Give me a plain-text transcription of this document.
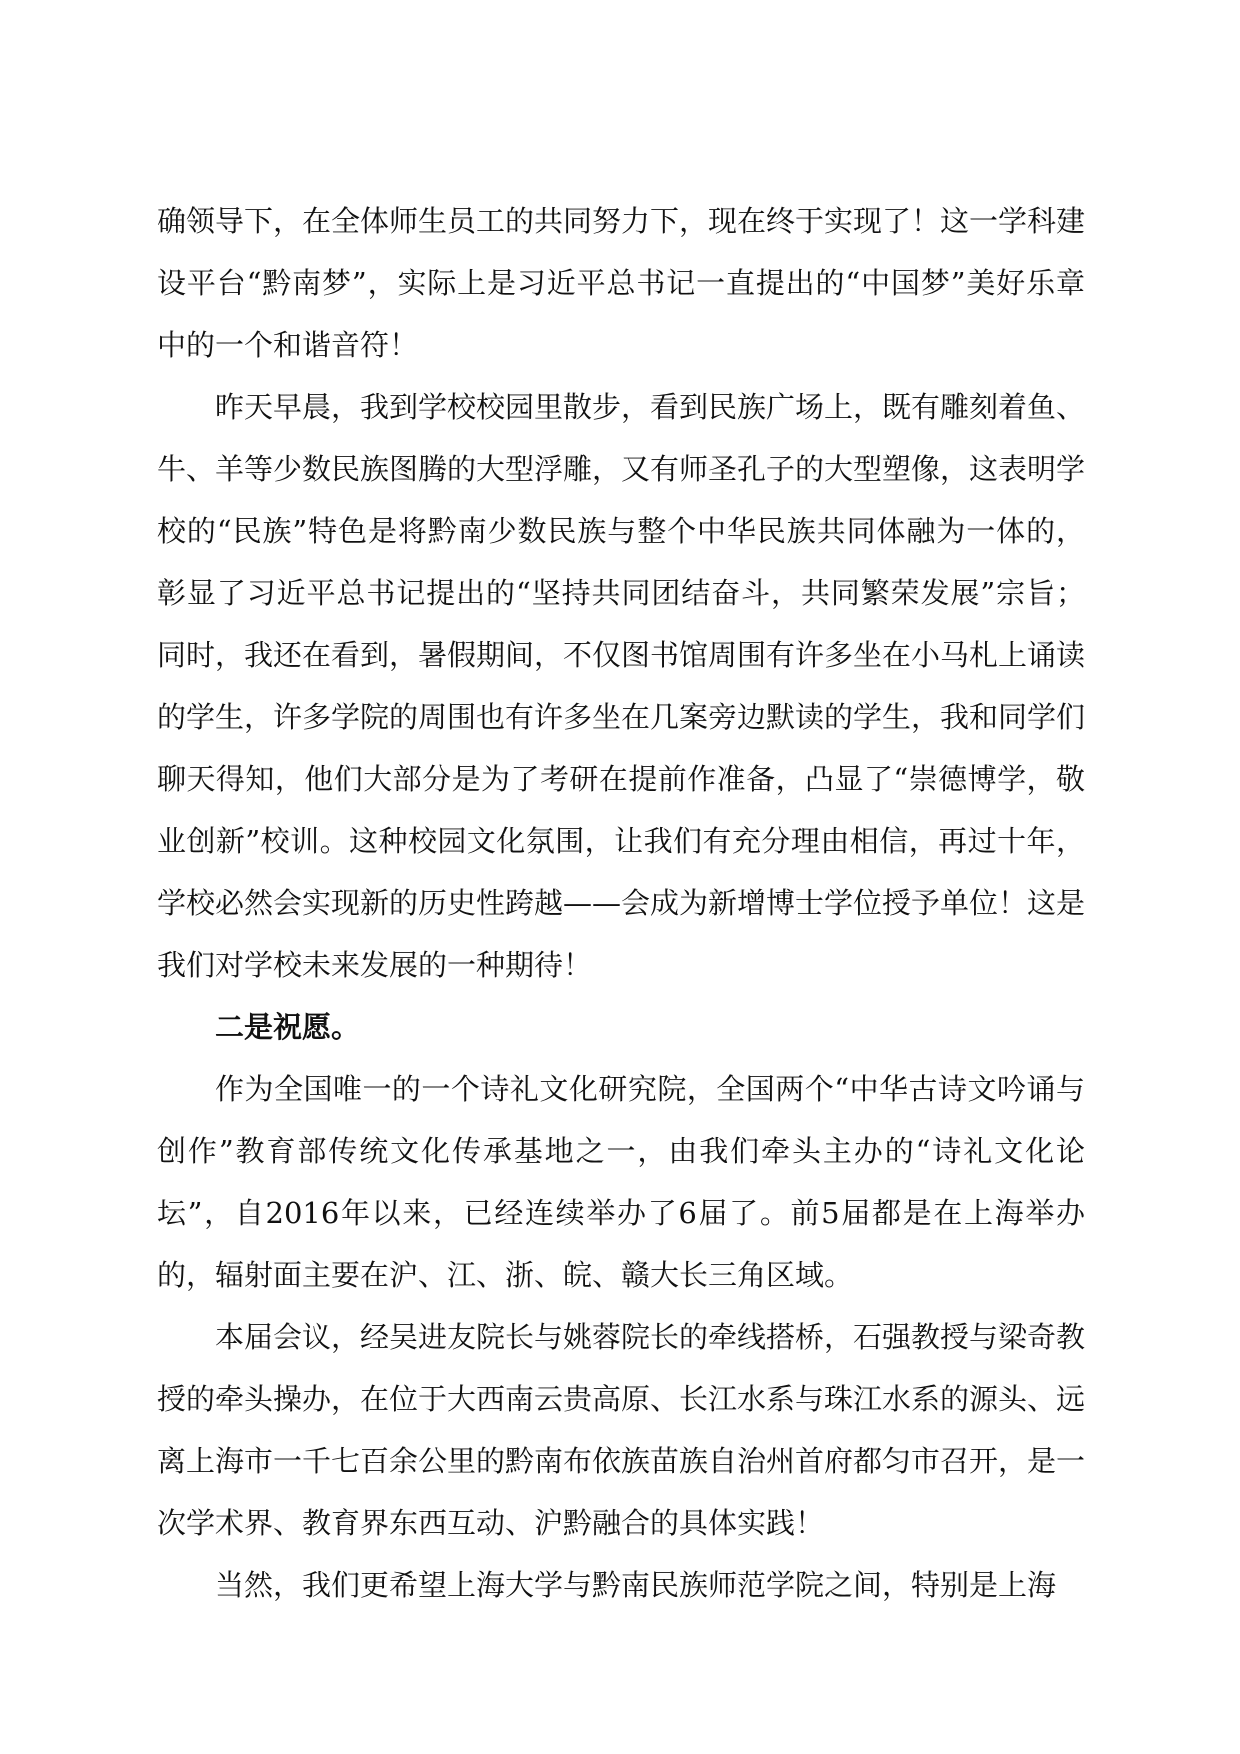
确领导下，在全体师生员工的共同努力下，现在终于实现了！这一学科建设平台“黔南梦”，实际上是习近平总书记一直提出的“中国梦”美好乐章中的一个和谐音符！

昨天早晨，我到学校校园里散步，看到民族广场上，既有雕刻着鱼、牛、羊等少数民族图腾的大型浮雕，又有师圣孔子的大型塑像，这表明学校的“民族”特色是将黔南少数民族与整个中华民族共同体融为一体的，彰显了习近平总书记提出的“坚持共同团结奋斗，共同繁荣发展”宗旨；同时，我还在看到，暑假期间，不仅图书馆周围有许多坐在小马札上诵读的学生，许多学院的周围也有许多坐在几案旁边默读的学生，我和同学们聊天得知，他们大部分是为了考研在提前作准备，凸显了“崇德博学，敬业创新”校训。这种校园文化氛围，让我们有充分理由相信，再过十年，学校必然会实现新的历史性跨越——会成为新增博士学位授予单位！这是我们对学校未来发展的一种期待！

二是祝愿。

作为全国唯一的一个诗礼文化研究院，全国两个“中华古诗文吟诵与创作”教育部传统文化传承基地之一，由我们牵头主办的“诗礼文化论坛”，自2016年以来，已经连续举办了6届了。前5届都是在上海举办的，辐射面主要在沪、江、浙、皖、赣大长三角区域。

本届会议，经吴进友院长与姚蓉院长的牵线搭桥，石强教授与梁奇教授的牵头操办，在位于大西南云贵高原、长江水系与珠江水系的源头、远离上海市一千七百余公里的黔南布依族苗族自治州首府都匀市召开，是一次学术界、教育界东西互动、沪黔融合的具体实践！

当然，我们更希望上海大学与黔南民族师范学院之间，特别是上海
